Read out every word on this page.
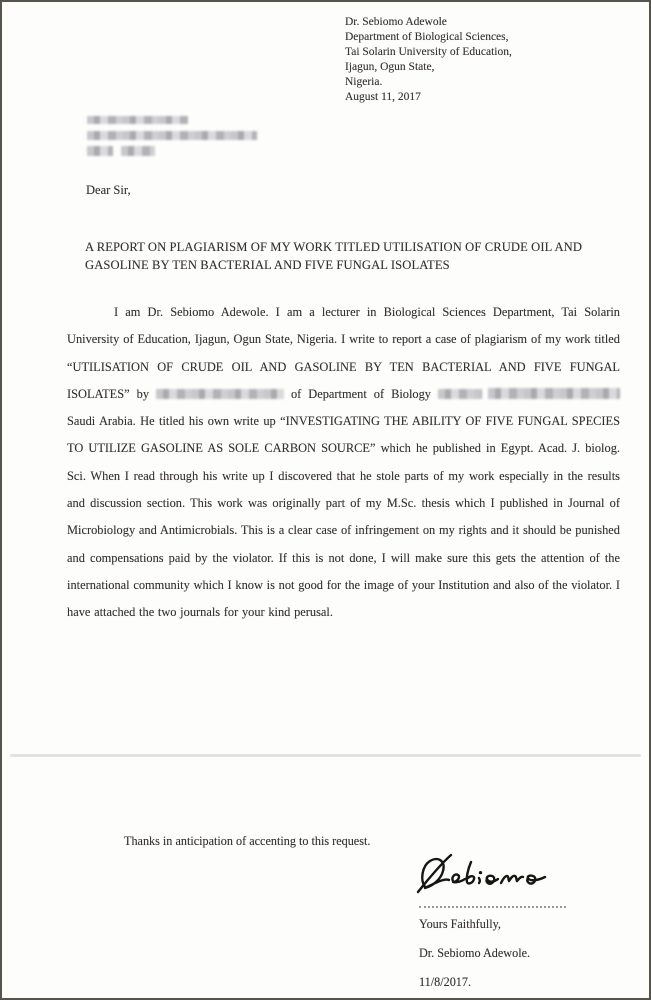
Dr. Sebiomo Adewole
Department of Biological Sciences,
Tai Solarin University of Education,
Ijagun, Ogun State,
Nigeria.
August 11, 2017

Dear Sir,
A REPORT ON PLAGIARISM OF MY WORK TITLED UTILISATION OF CRUDE OIL AND GASOLINE BY TEN BACTERIAL AND FIVE FUNGAL ISOLATES
I am Dr. Sebiomo Adewole. I am a lecturer in Biological Sciences Department, Tai Solarin University of Education, Ijagun, Ogun State, Nigeria. I write to report a case of plagiarism of my work titled “UTILISATION OF CRUDE OIL AND GASOLINE BY TEN BACTERIAL AND FIVE FUNGAL ISOLATES” by	of Department of Biology  Saudi Arabia. He titled his own write up “INVESTIGATING THE ABILITY OF FIVE FUNGAL SPECIES TO UTILIZE GASOLINE AS SOLE CARBON SOURCE” which he published in Egypt. Acad. J. biolog. Sci. When I read through his write up I discovered that he stole parts of my work especially in the results and discussion section. This work was originally part of my M.Sc. thesis which I published in Journal of Microbiology and Antimicrobials. This is a clear case of infringement on my rights and it should be punished and compensations paid by the violator. If this is not done, I will make sure this gets the attention of the international community which I know is not good for the image of your Institution and also of the violator. I have attached the two journals for your kind perusal.
Thanks in anticipation of accenting to this request.
Yours Faithfully,
Dr. Sebiomo Adewole.
11/8/2017.
